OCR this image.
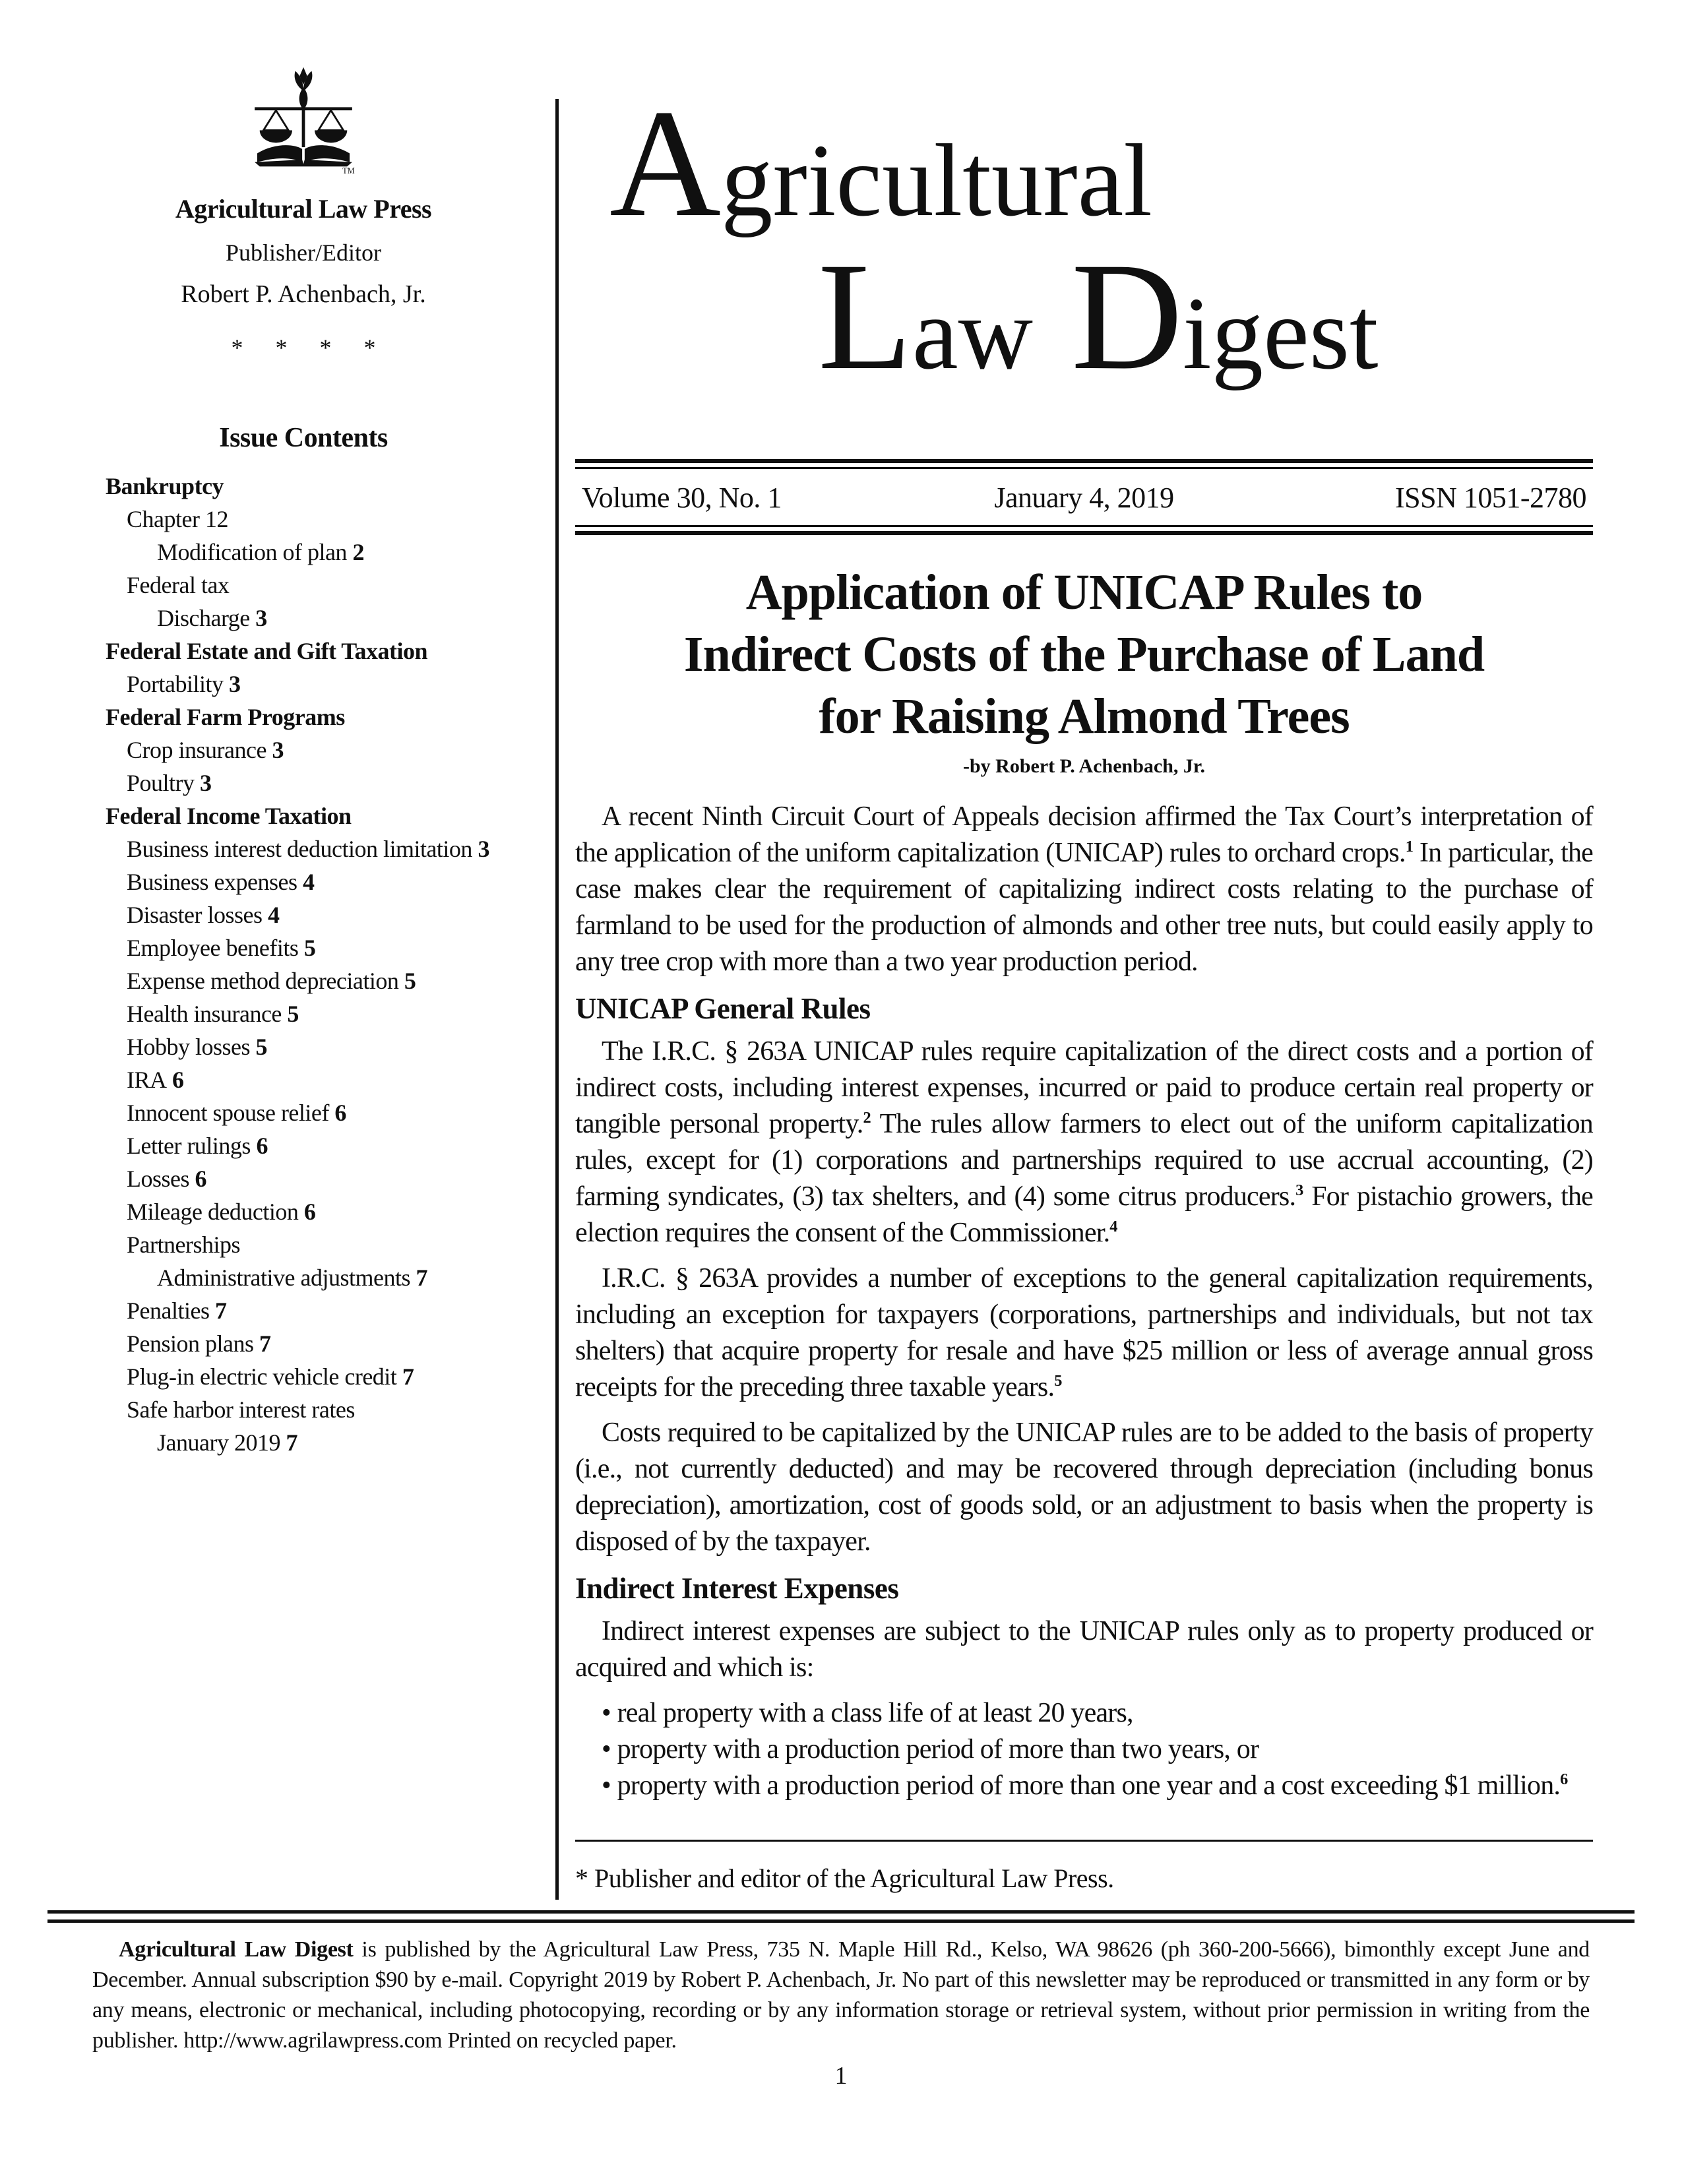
TM
Agricultural Law Press
Publisher/Editor
Robert P. Achenbach, Jr.
* * * *
Issue Contents
Bankruptcy
Chapter 12
Modification of plan 2
Federal tax
Discharge 3
Federal Estate and Gift Taxation
Portability 3
Federal Farm Programs
Crop insurance 3
Poultry 3
Federal Income Taxation
Business interest deduction limitation 3
Business expenses 4
Disaster losses 4
Employee benefits 5
Expense method depreciation 5
Health insurance 5
Hobby losses 5
IRA 6
Innocent spouse relief 6
Letter rulings 6
Losses 6
Mileage deduction 6
Partnerships
Administrative adjustments 7
Penalties 7
Pension plans 7
Plug-in electric vehicle credit 7
Safe harbor interest rates
January 2019 7
Agricultural
Law Digest
Volume 30, No. 1	January 4, 2019	ISSN 1051-2780
Application of UNICAP Rules to
Indirect Costs of the Purchase of Land
for Raising Almond Trees
-by Robert P. Achenbach, Jr.

A recent Ninth Circuit Court of Appeals decision affirmed the Tax Court’s interpretation of the application of the uniform capitalization (UNICAP) rules to orchard crops.$^1$ In particular, the case makes clear the requirement of capitalizing indirect costs relating to the purchase of farmland to be used for the production of almonds and other tree nuts, but could easily apply to any tree crop with more than a two year production period.

UNICAP General Rules

The I.R.C. § 263A UNICAP rules require capitalization of the direct costs and a portion of indirect costs, including interest expenses, incurred or paid to produce certain real property or tangible personal property.$^2$ The rules allow farmers to elect out of the uniform capitalization rules, except for (1) corporations and partnerships required to use accrual accounting, (2) farming syndicates, (3) tax shelters, and (4) some citrus producers.$^3$ For pistachio growers, the election requires the consent of the Commissioner.$^4$

I.R.C. § 263A provides a number of exceptions to the general capitalization requirements, including an exception for taxpayers (corporations, partnerships and individuals, but not tax shelters) that acquire property for resale and have $25 million or less of average annual gross receipts for the preceding three taxable years.$^5$

Costs required to be capitalized by the UNICAP rules are to be added to the basis of property (i.e., not currently deducted) and may be recovered through depreciation (including bonus depreciation), amortization, cost of goods sold, or an adjustment to basis when the property is disposed of by the taxpayer.

Indirect Interest Expenses

Indirect interest expenses are subject to the UNICAP rules only as to property produced or acquired and which is:

• real property with a class life of at least 20 years,

• property with a production period of more than two years, or

• property with a production period of more than one year and a cost exceeding $1 million.$^6$

* Publisher and editor of the Agricultural Law Press.

Agricultural Law Digest is published by the Agricultural Law Press, 735 N. Maple Hill Rd., Kelso, WA 98626 (ph 360-200-5666), bimonthly except June and December. Annual subscription $90 by e-mail. Copyright 2019 by Robert P. Achenbach, Jr. No part of this newsletter may be reproduced or transmitted in any form or by any means, electronic or mechanical, including photocopying, recording or by any information storage or retrieval system, without prior permission in writing from the publisher. http://www.agrilawpress.com Printed on recycled paper.

1
